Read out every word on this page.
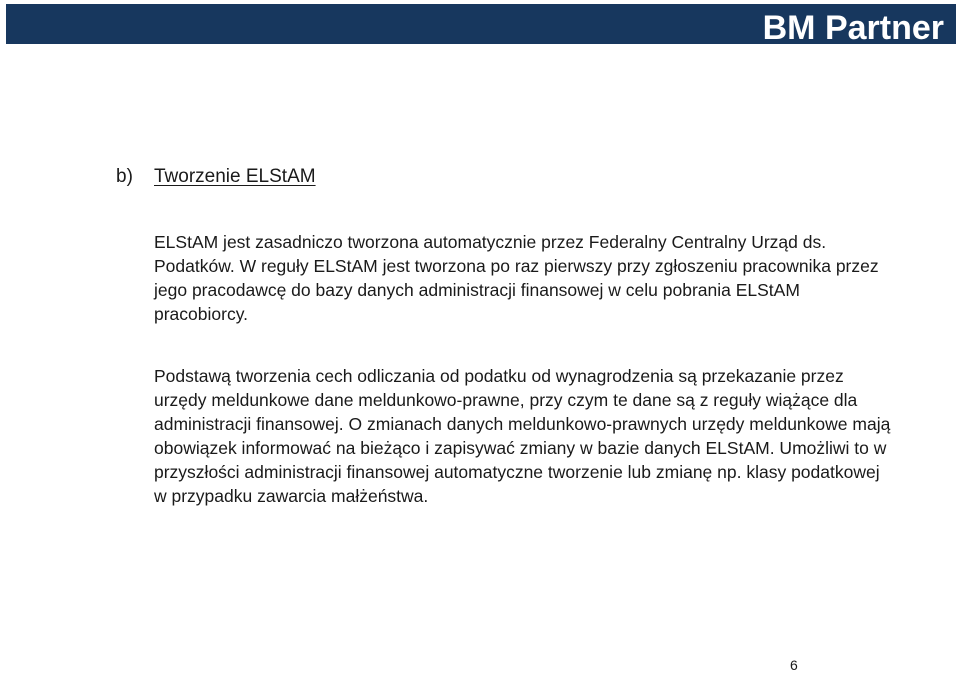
BM Partner
b) Tworzenie ELStAM

ELStAM jest zasadniczo tworzona automatycznie przez Federalny Centralny Urząd ds. Podatków. W reguły ELStAM jest tworzona po raz pierwszy przy zgłoszeniu pracownika przez jego pracodawcę do bazy danych administracji finansowej w celu pobrania ELStAM pracobiorcy.

Podstawą tworzenia cech odliczania od podatku od wynagrodzenia są przekazanie przez urzędy meldunkowe dane meldunkowo-prawne, przy czym te dane są z reguły wiążące dla administracji finansowej. O zmianach danych meldunkowo-prawnych urzędy meldunkowe mają obowiązek informować na bieżąco i zapisywać zmiany w bazie danych ELStAM. Umożliwi to w przyszłości administracji finansowej automatyczne tworzenie lub zmianę np. klasy podatkowej w przypadku zawarcia małżeństwa.

6
